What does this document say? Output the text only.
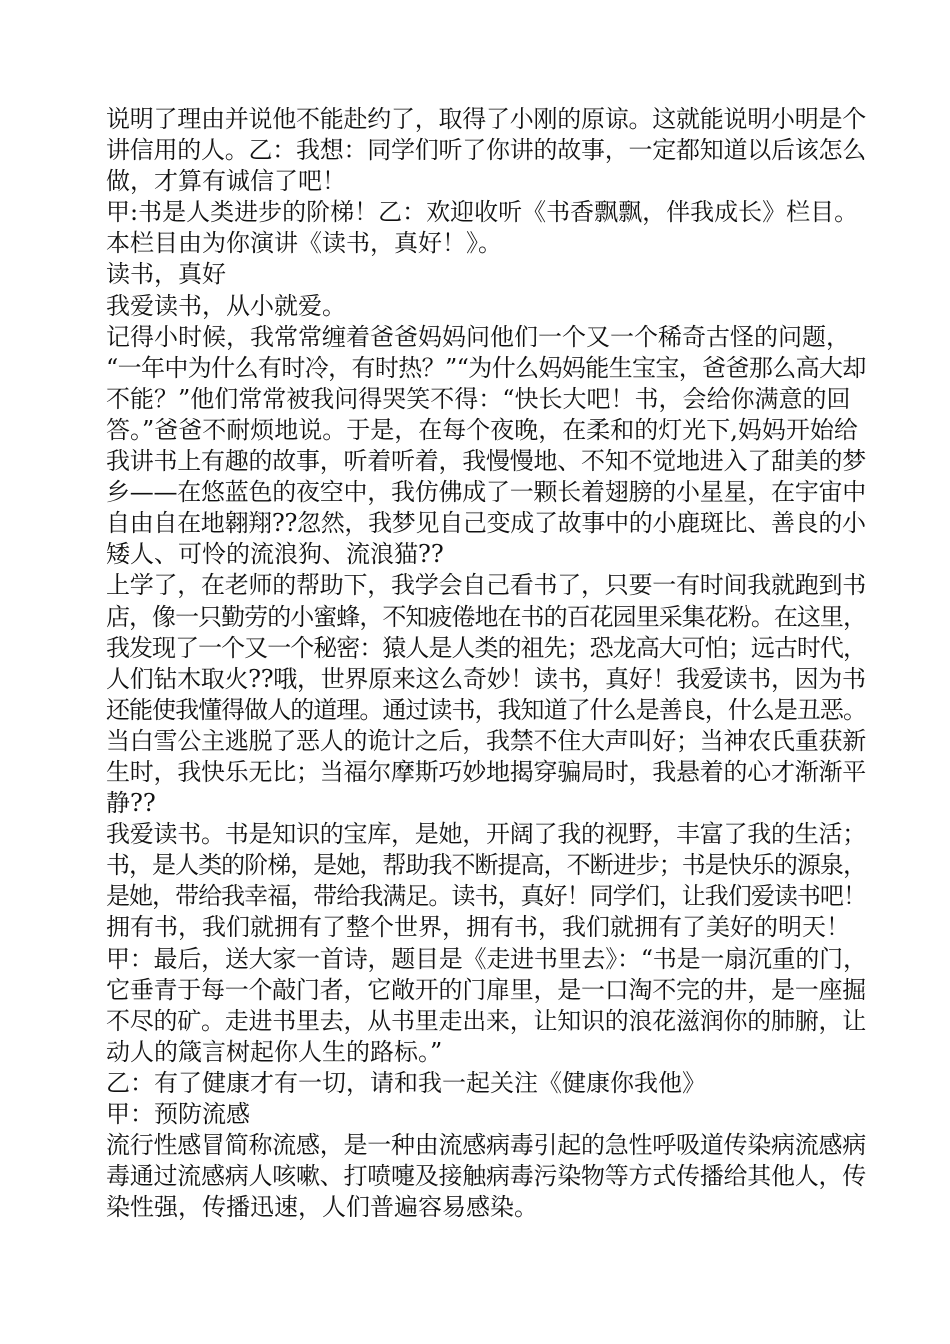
说明了理由并说他不能赴约了，取得了小刚的原谅。这就能说明小明是个
讲信用的人。乙：我想：同学们听了你讲的故事，一定都知道以后该怎么
做，才算有诚信了吧！
甲:书是人类进步的阶梯！乙：欢迎收听《书香飘飘，伴我成长》栏目。
本栏目由为你演讲《读书，真好！》。
读书，真好
我爱读书，从小就爱。
记得小时候，我常常缠着爸爸妈妈问他们一个又一个稀奇古怪的问题，
“一年中为什么有时冷，有时热？”“为什么妈妈能生宝宝，爸爸那么高大却
不能？”他们常常被我问得哭笑不得：“快长大吧！书，会给你满意的回
答。”爸爸不耐烦地说。于是，在每个夜晚，在柔和的灯光下,妈妈开始给
我讲书上有趣的故事，听着听着，我慢慢地、不知不觉地进入了甜美的梦
乡——在悠蓝色的夜空中，我仿佛成了一颗长着翅膀的小星星，在宇宙中
自由自在地翱翔??忽然，我梦见自己变成了故事中的小鹿斑比、善良的小
矮人、可怜的流浪狗、流浪猫??
上学了，在老师的帮助下，我学会自己看书了，只要一有时间我就跑到书
店，像一只勤劳的小蜜蜂，不知疲倦地在书的百花园里采集花粉。在这里，
我发现了一个又一个秘密：猿人是人类的祖先；恐龙高大可怕；远古时代，
人们钻木取火??哦，世界原来这么奇妙！读书，真好！我爱读书，因为书
还能使我懂得做人的道理。通过读书，我知道了什么是善良，什么是丑恶。
当白雪公主逃脱了恶人的诡计之后，我禁不住大声叫好；当神农氏重获新
生时，我快乐无比；当福尔摩斯巧妙地揭穿骗局时，我悬着的心才渐渐平
静??
我爱读书。书是知识的宝库，是她，开阔了我的视野，丰富了我的生活；
书，是人类的阶梯，是她，帮助我不断提高，不断进步；书是快乐的源泉，
是她，带给我幸福，带给我满足。读书，真好！同学们，让我们爱读书吧！
拥有书，我们就拥有了整个世界，拥有书，我们就拥有了美好的明天！
甲：最后，送大家一首诗，题目是《走进书里去》：“书是一扇沉重的门，
它垂青于每一个敲门者，它敞开的门扉里，是一口淘不完的井，是一座掘
不尽的矿。走进书里去，从书里走出来，让知识的浪花滋润你的肺腑，让
动人的箴言树起你人生的路标。”
乙：有了健康才有一切，请和我一起关注《健康你我他》
甲：预防流感
流行性感冒简称流感，是一种由流感病毒引起的急性呼吸道传染病流感病
毒通过流感病人咳嗽、打喷嚏及接触病毒污染物等方式传播给其他人，传
染性强，传播迅速，人们普遍容易感染。
